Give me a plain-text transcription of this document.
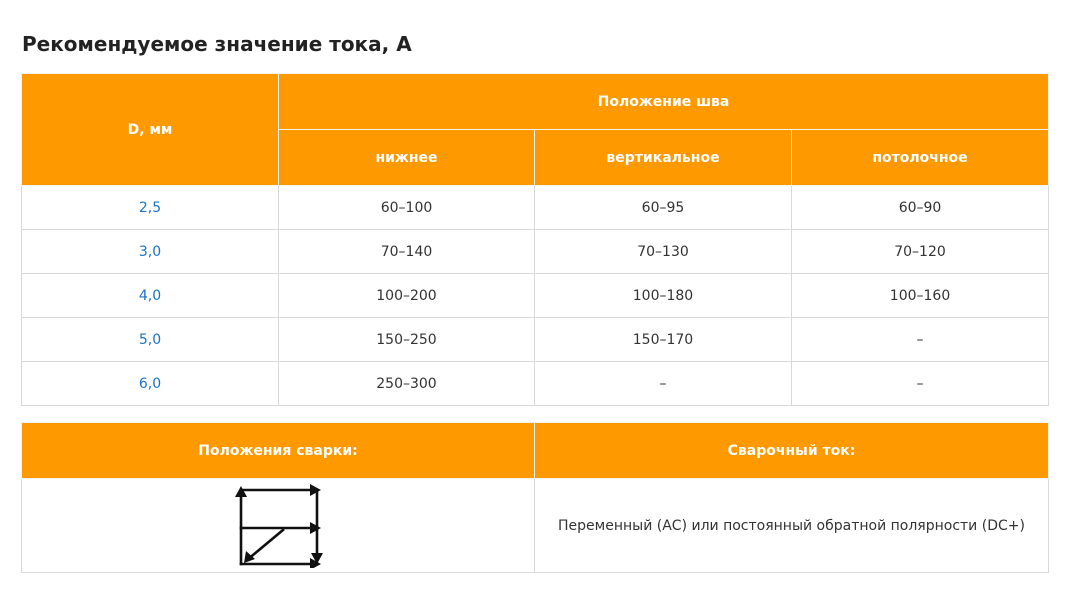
Рекомендуемое значение тока, А
D, мм	Положение шва		
	нижнее	вертикальное	потолочное
2,5	60–100	60–95	60–90
3,0	70–140	70–130	70–120
4,0	100–200	100–180	100–160
5,0	150–250	150–170	–
6,0	250–300	–	–
Положения сварки:	Сварочный ток:

	Переменный (АС) или постоянный обратной полярности (DC+)
